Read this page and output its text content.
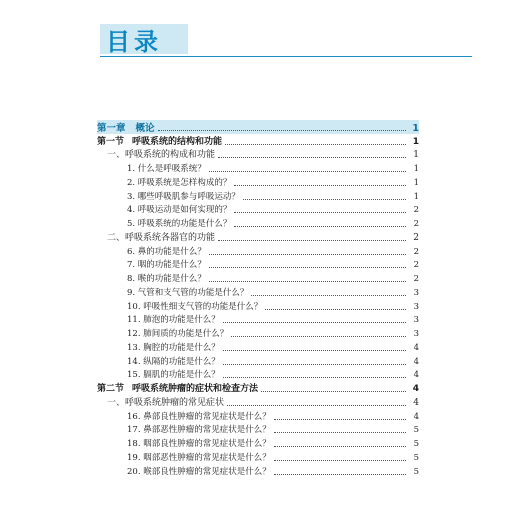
目录
第一章 概论	1
第一节 呼吸系统的结构和功能	1
一、呼吸系统的构成和功能	1
1. 什么是呼吸系统？	1
2. 呼吸系统是怎样构成的？	1
3. 哪些呼吸肌参与呼吸运动？	1
4. 呼吸运动是如何实现的？	2
5. 呼吸系统的功能是什么？	2
二、呼吸系统各器官的功能	2
6. 鼻的功能是什么？	2
7. 咽的功能是什么？	2
8. 喉的功能是什么？	2
9. 气管和支气管的功能是什么？	3
10. 呼吸性细支气管的功能是什么？	3
11. 肺泡的功能是什么？	3
12. 肺间质的功能是什么？	3
13. 胸腔的功能是什么？	4
14. 纵隔的功能是什么？	4
15. 膈肌的功能是什么？	4
第二节 呼吸系统肿瘤的症状和检查方法	4
一、呼吸系统肿瘤的常见症状	4
16. 鼻部良性肿瘤的常见症状是什么？	4
17. 鼻部恶性肿瘤的常见症状是什么？	5
18. 咽部良性肿瘤的常见症状是什么？	5
19. 咽部恶性肿瘤的常见症状是什么？	5
20. 喉部良性肿瘤的常见症状是什么？	5
